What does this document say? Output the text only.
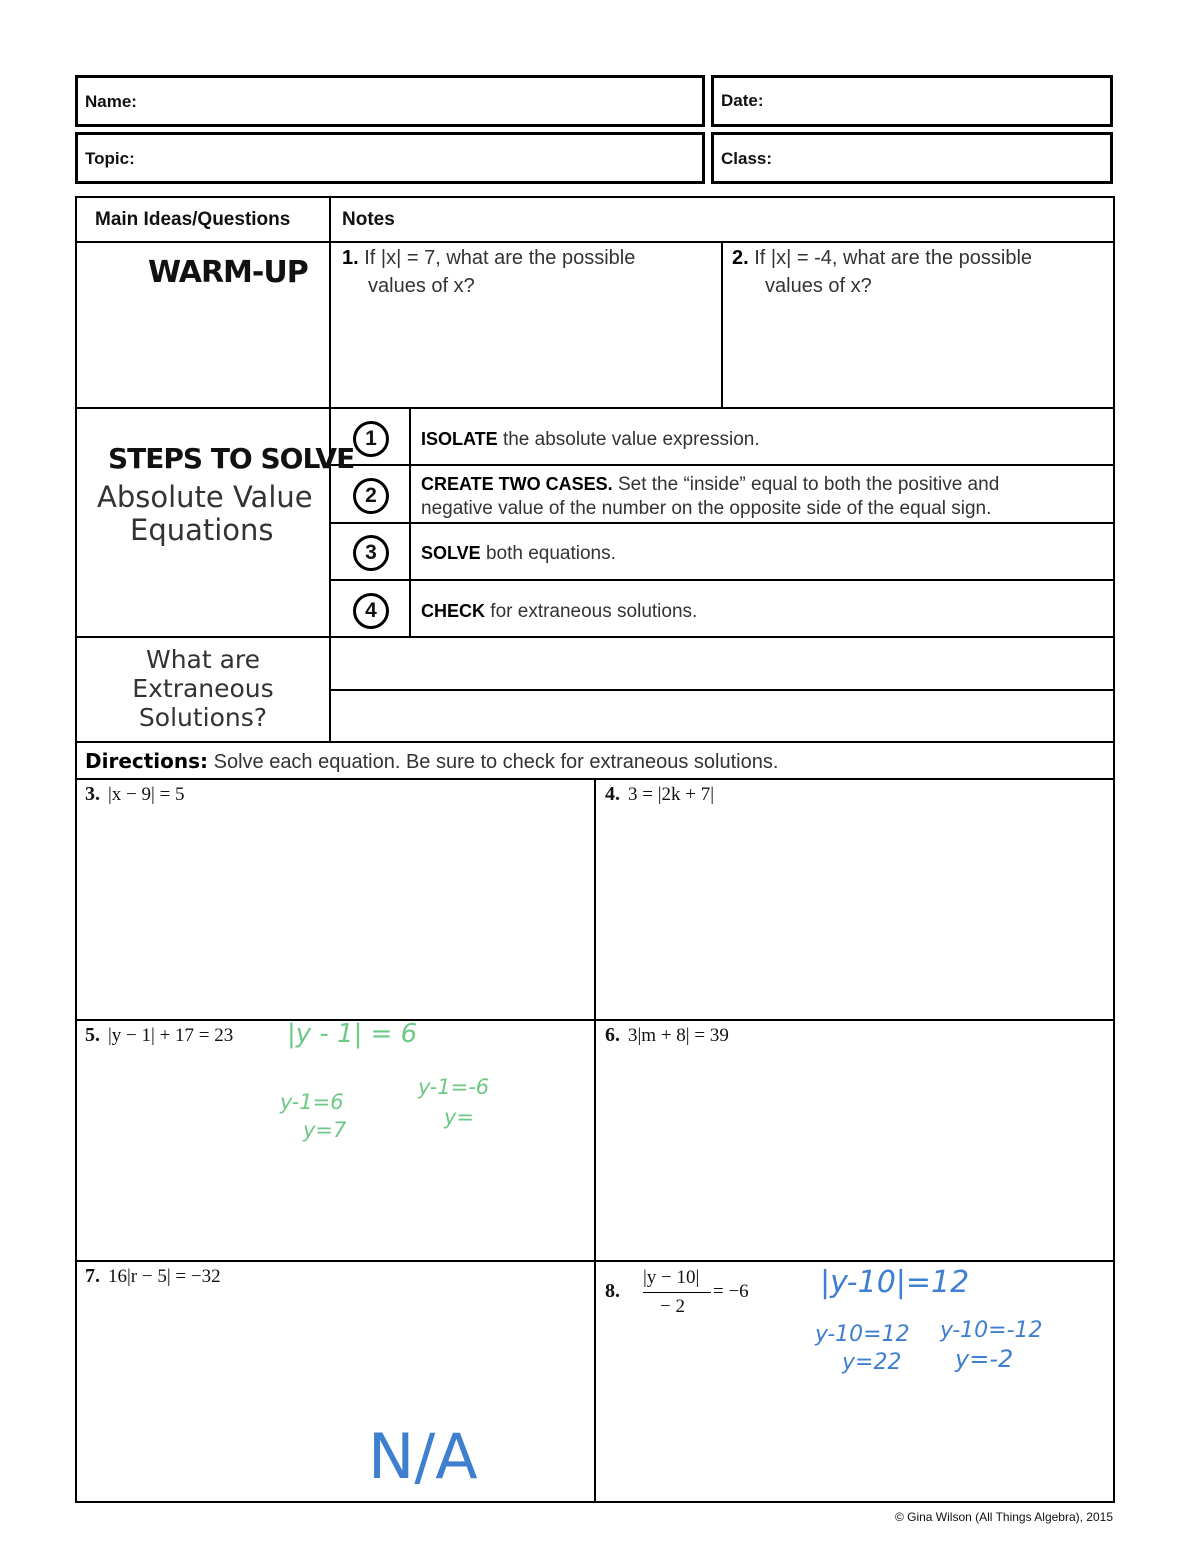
Name:	Date:
Topic:	Class:
Main Ideas/Questions	Notes
WARM-UP 1. If |x| = 7, what are the possible
values of x?
2. If |x| = -4, what are the possible
values of x?
STEPS TO SOLVE
Absolute Value
Equations
1	ISOLATE the absolute value expression.
2	CREATE TWO CASES. Set the “inside” equal to both the positive and
negative value of the number on the opposite side of the equal sign.
3	SOLVE both equations.
4	CHECK for extraneous solutions.
What are
Extraneous
Solutions?
Directions: Solve each equation. Be sure to check for extraneous solutions.
3. |x − 9| = 5	4. 3 = |2k + 7|
5. |y − 1| + 17 = 23	6. 3|m + 8| = 39
7. 16|r − 5| = −32
8.
|y − 10|
− 2
= −6
|y - 1| = 6
y-1=6
y=7
y-1=-6
y=
N/A
|y-10|=12
y-10=12
y=22
y-10=-12
y=-2
© Gina Wilson (All Things Algebra), 2015
